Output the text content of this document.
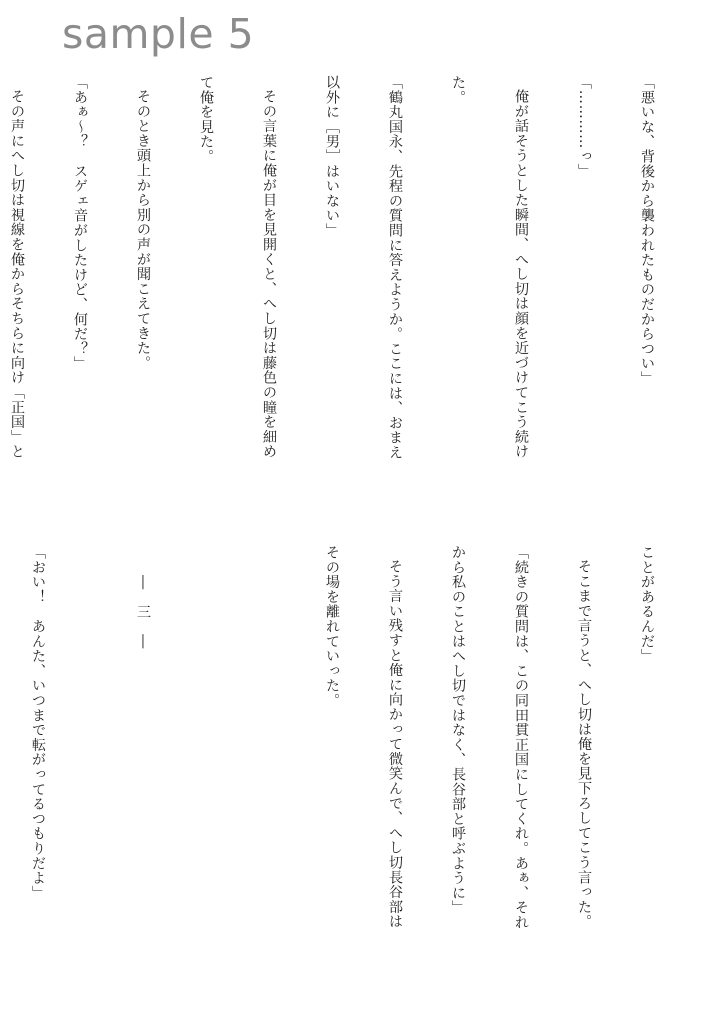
sample 5

「悪いな、背後から襲われたものだからつい」

「…………っ」

俺が話そうとした瞬間、へし切は顔を近づけてこう続け

た。

「鶴丸国永、先程の質問に答えようか。ここには、おまえ

以外に［男］はいない」

その言葉に俺が目を見開くと、へし切は藤色の瞳を細め

て俺を見た。

そのとき頭上から別の声が聞こえてきた。

「あぁ～？　スゲェ音がしたけど、何だ？」

その声にへし切は視線を俺からそちらに向け「正国」と

ことがあるんだ」

そこまで言うと、へし切は俺を見下ろしてこう言った。

「続きの質問は、この同田貫正国にしてくれ。あぁ、それ

から私のことはへし切ではなく、長谷部と呼ぶように」

そう言い残すと俺に向かって微笑んで、へし切長谷部は

その場を離れていった。

―　三　―

「おい！　あんた、いつまで転がってるつもりだよ」
